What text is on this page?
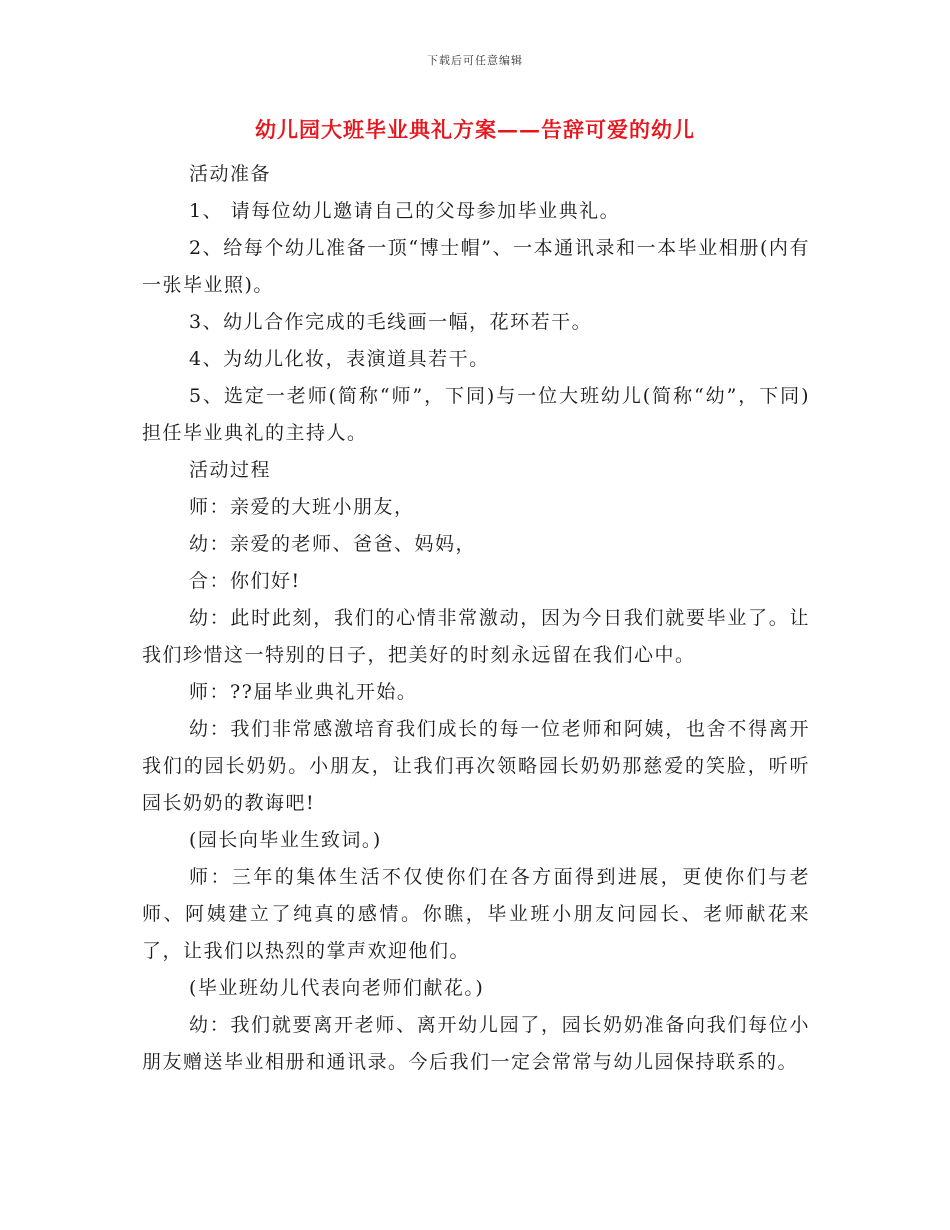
下载后可任意编辑
幼儿园大班毕业典礼方案——告辞可爱的幼儿

活动准备

1、 请每位幼儿邀请自己的父母参加毕业典礼。

2、给每个幼儿准备一顶“博士帽”、一本通讯录和一本毕业相册(内有一张毕业照)。

3、幼儿合作完成的毛线画一幅，花环若干。

4、为幼儿化妆，表演道具若干。

5、选定一老师(简称“师”，下同)与一位大班幼儿(简称“幼”，下同)担任毕业典礼的主持人。

活动过程

师：亲爱的大班小朋友，

幼：亲爱的老师、爸爸、妈妈，

合：你们好!

幼：此时此刻，我们的心情非常激动，因为今日我们就要毕业了。让我们珍惜这一特别的日子，把美好的时刻永远留在我们心中。

师：??届毕业典礼开始。

幼：我们非常感激培育我们成长的每一位老师和阿姨，也舍不得离开我们的园长奶奶。小朋友，让我们再次领略园长奶奶那慈爱的笑脸，听听园长奶奶的教诲吧!

(园长向毕业生致词。)

师：三年的集体生活不仅使你们在各方面得到进展，更使你们与老师、阿姨建立了纯真的感情。你瞧，毕业班小朋友问园长、老师献花来了，让我们以热烈的掌声欢迎他们。

(毕业班幼儿代表向老师们献花。)

幼：我们就要离开老师、离开幼儿园了，园长奶奶准备向我们每位小朋友赠送毕业相册和通讯录。今后我们一定会常常与幼儿园保持联系的。
